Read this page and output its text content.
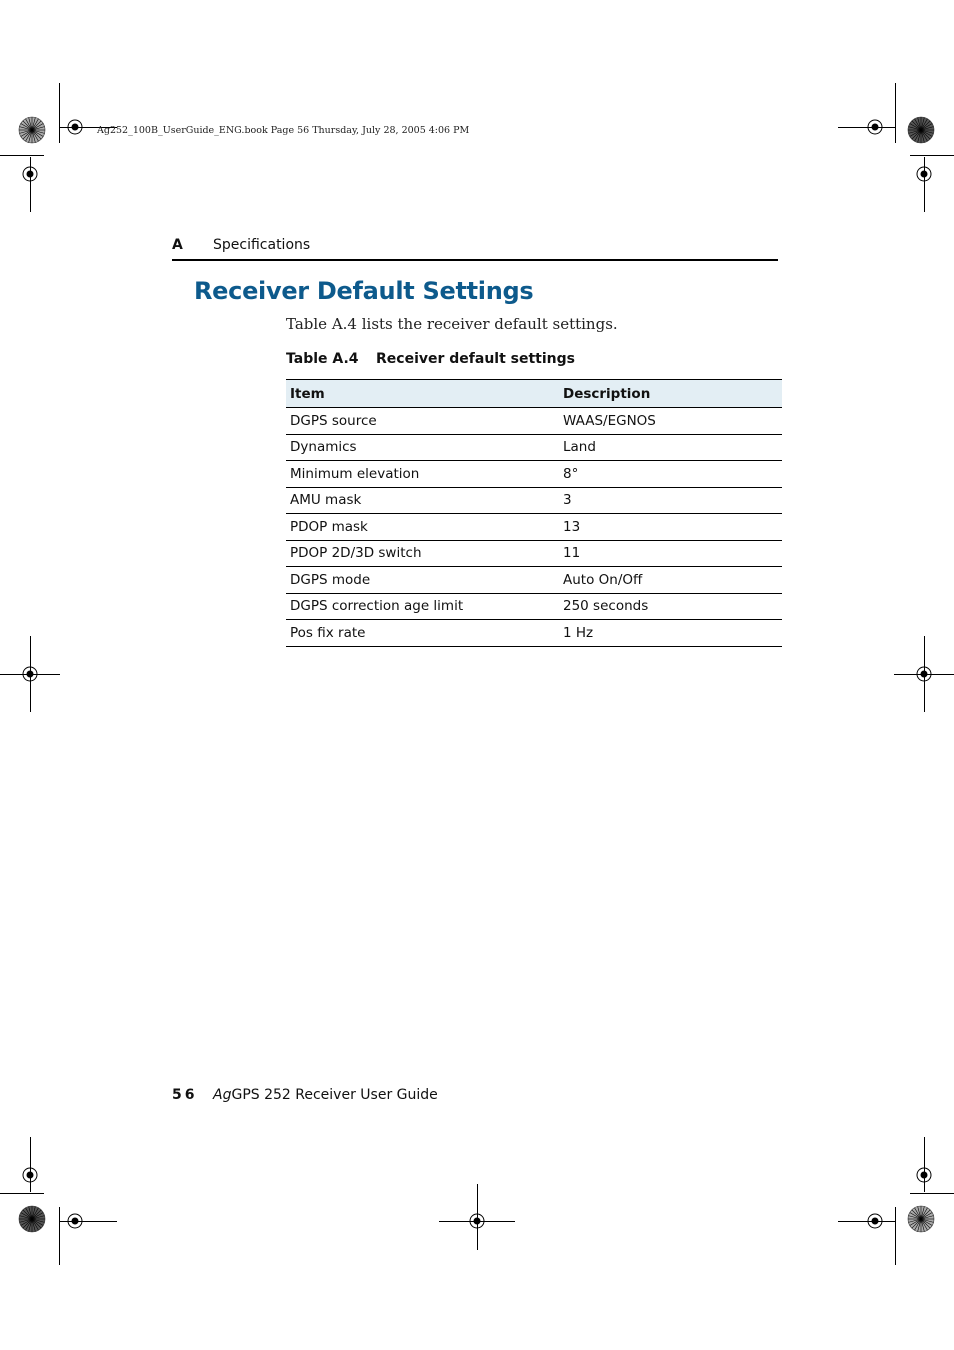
Ag252_100B_UserGuide_ENG.book Page 56 Thursday, July 28, 2005 4:06 PM
A Specifications
Receiver Default Settings
Table A.4 lists the receiver default settings.
Table A.4 Receiver default settings
Item	Description
DGPS source	WAAS/EGNOS
Dynamics	Land
Minimum elevation	8°
AMU mask	3
PDOP mask	13
PDOP 2D/3D switch	11
DGPS mode	Auto On/Off
DGPS correction age limit	250 seconds
Pos fix rate	1 Hz
56 AgGPS 252 Receiver User Guide
